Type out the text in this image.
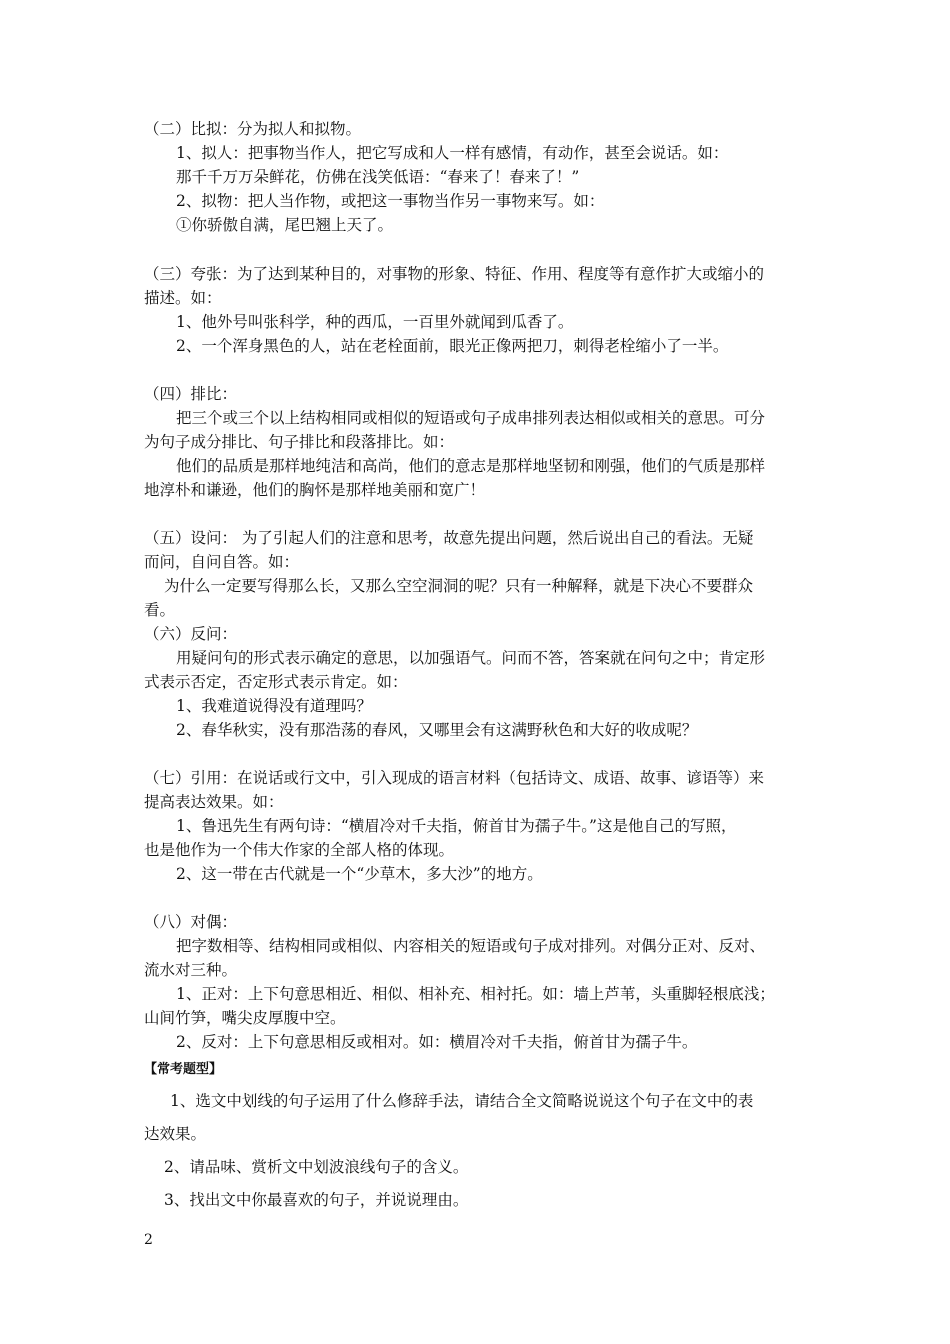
（二）比拟：分为拟人和拟物。
1、拟人：把事物当作人，把它写成和人一样有感情，有动作，甚至会说话。如：
那千千万万朵鲜花，仿佛在浅笑低语：“春来了！春来了！”
2、拟物：把人当作物，或把这一事物当作另一事物来写。如：
①你骄傲自满，尾巴翘上天了。
（三）夸张：为了达到某种目的，对事物的形象、特征、作用、程度等有意作扩大或缩小的
描述。如：
1、他外号叫张科学，种的西瓜，一百里外就闻到瓜香了。
2、一个浑身黑色的人，站在老栓面前，眼光正像两把刀，刺得老栓缩小了一半。
（四）排比：
把三个或三个以上结构相同或相似的短语或句子成串排列表达相似或相关的意思。可分
为句子成分排比、句子排比和段落排比。如：
他们的品质是那样地纯洁和高尚，他们的意志是那样地坚韧和刚强，他们的气质是那样
地淳朴和谦逊，他们的胸怀是那样地美丽和宽广！
（五）设问： 为了引起人们的注意和思考，故意先提出问题，然后说出自己的看法。无疑
而问，自问自答。如：
为什么一定要写得那么长，又那么空空洞洞的呢？只有一种解释，就是下决心不要群众
看。
（六）反问：
用疑问句的形式表示确定的意思，以加强语气。问而不答，答案就在问句之中；肯定形
式表示否定，否定形式表示肯定。如：
1、我难道说得没有道理吗？
2、春华秋实，没有那浩荡的春风，又哪里会有这满野秋色和大好的收成呢？
（七）引用：在说话或行文中，引入现成的语言材料（包括诗文、成语、故事、谚语等）来
提高表达效果。如：
1、鲁迅先生有两句诗：“横眉冷对千夫指，俯首甘为孺子牛。”这是他自己的写照，
也是他作为一个伟大作家的全部人格的体现。
2、这一带在古代就是一个“少草木，多大沙”的地方。
（八）对偶：
把字数相等、结构相同或相似、内容相关的短语或句子成对排列。对偶分正对、反对、
流水对三种。
1、正对：上下句意思相近、相似、相补充、相衬托。如：墙上芦苇，头重脚轻根底浅；
山间竹笋，嘴尖皮厚腹中空。
2、反对：上下句意思相反或相对。如：横眉冷对千夫指，俯首甘为孺子牛。
【常考题型】
1、选文中划线的句子运用了什么修辞手法，请结合全文简略说说这个句子在文中的表
达效果。
2、请品味、赏析文中划波浪线句子的含义。
3、找出文中你最喜欢的句子，并说说理由。
2
